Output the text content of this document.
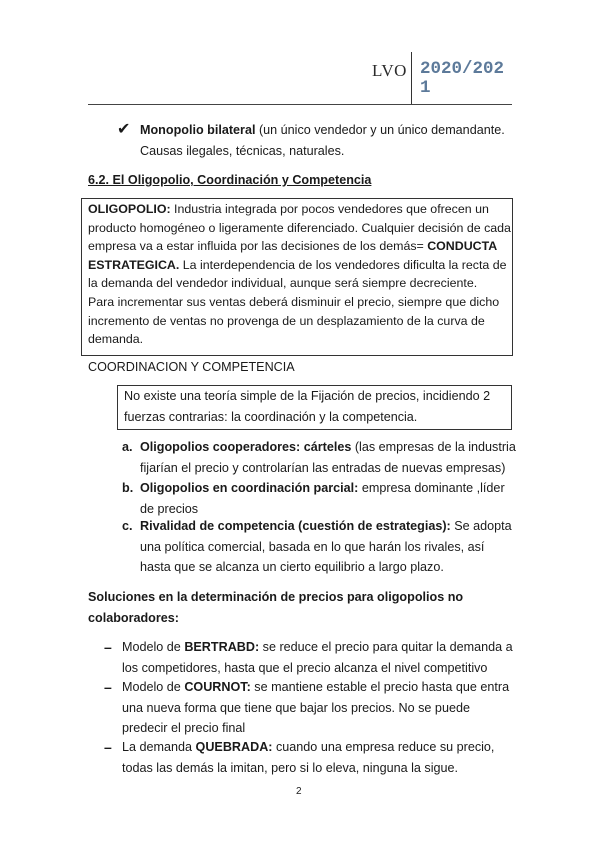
LVO 2020/2021
✔ Monopolio bilateral (un único vendedor y un único demandante. Causas ilegales, técnicas, naturales.
6.2. El Oligopolio, Coordinación y Competencia
OLIGOPOLIO: Industria integrada por pocos vendedores que ofrecen un producto homogéneo o ligeramente diferenciado. Cualquier decisión de cada empresa va a estar influida por las decisiones de los demás= CONDUCTA ESTRATEGICA. La interdependencia de los vendedores dificulta la recta de la demanda del vendedor individual, aunque será siempre decreciente.
Para incrementar sus ventas deberá disminuir el precio, siempre que dicho incremento de ventas no provenga de un desplazamiento de la curva de demanda.
COORDINACION Y COMPETENCIA
No existe una teoría simple de la Fijación de precios, incidiendo 2 fuerzas contrarias: la coordinación y la competencia.
a. Oligopolios cooperadores: cárteles (las empresas de la industria fijarían el precio y controlarían las entradas de nuevas empresas)
b. Oligopolios en coordinación parcial: empresa dominante ,líder de precios
c. Rivalidad de competencia (cuestión de estrategias): Se adopta una política comercial, basada en lo que harán los rivales, así hasta que se alcanza un cierto equilibrio a largo plazo.
Soluciones en la determinación de precios para oligopolios no colaboradores:
– Modelo de BERTRABD: se reduce el precio para quitar la demanda a los competidores, hasta que el precio alcanza el nivel competitivo
– Modelo de COURNOT: se mantiene estable el precio hasta que entra una nueva forma que tiene que bajar los precios. No se puede predecir el precio final
– La demanda QUEBRADA: cuando una empresa reduce su precio, todas las demás la imitan, pero si lo eleva, ninguna la sigue.
2
